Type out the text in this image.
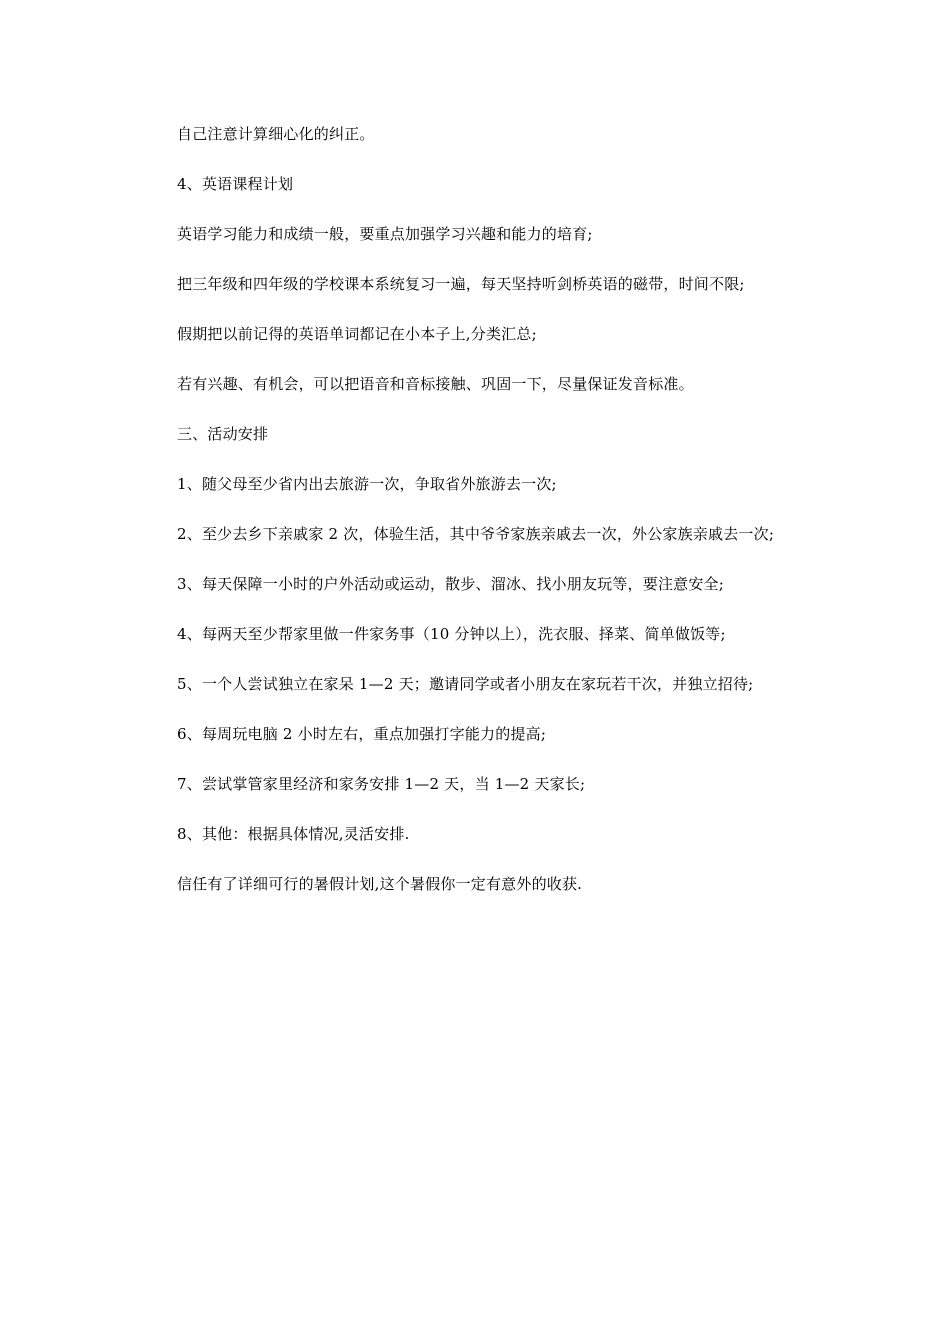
自己注意计算细心化的纠正。

4、英语课程计划

英语学习能力和成绩一般，要重点加强学习兴趣和能力的培育;

把三年级和四年级的学校课本系统复习一遍，每天坚持听剑桥英语的磁带，时间不限;

假期把以前记得的英语单词都记在小本子上,分类汇总;

若有兴趣、有机会，可以把语音和音标接触、巩固一下，尽量保证发音标准。

三、活动安排

1、随父母至少省内出去旅游一次，争取省外旅游去一次;

2、至少去乡下亲戚家 2 次，体验生活，其中爷爷家族亲戚去一次，外公家族亲戚去一次;

3、每天保障一小时的户外活动或运动，散步、溜冰、找小朋友玩等，要注意安全;

4、每两天至少帮家里做一件家务事（10 分钟以上），洗衣服、择菜、简单做饭等;

5、一个人尝试独立在家呆 1—2 天；邀请同学或者小朋友在家玩若干次，并独立招待;

6、每周玩电脑 2 小时左右，重点加强打字能力的提高;

7、尝试掌管家里经济和家务安排 1—2 天，当 1—2 天家长;

8、其他：根据具体情况,灵活安排.

信任有了详细可行的暑假计划,这个暑假你一定有意外的收获.
